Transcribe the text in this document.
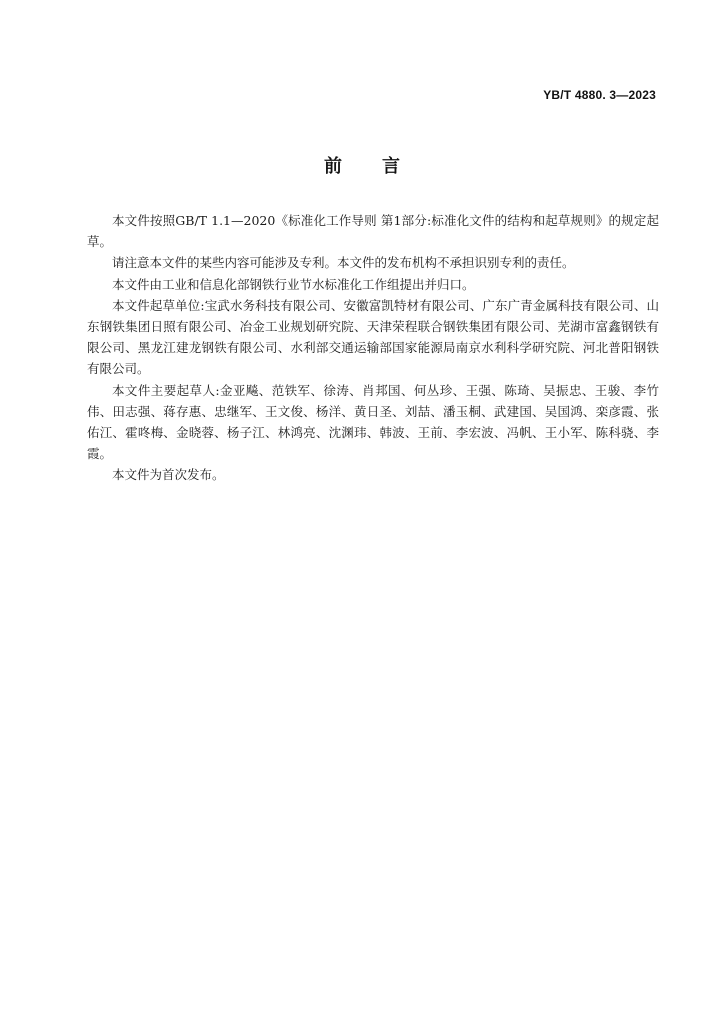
YB/T 4880. 3—2023
前言

本文件按照GB/T 1.1—2020《标准化工作导则 第1部分:标准化文件的结构和起草规则》的规定起草。

请注意本文件的某些内容可能涉及专利。本文件的发布机构不承担识别专利的责任。

本文件由工业和信息化部钢铁行业节水标准化工作组提出并归口。

本文件起草单位:宝武水务科技有限公司、安徽富凯特材有限公司、广东广青金属科技有限公司、山东钢铁集团日照有限公司、冶金工业规划研究院、天津荣程联合钢铁集团有限公司、芜湖市富鑫钢铁有限公司、黑龙江建龙钢铁有限公司、水利部交通运输部国家能源局南京水利科学研究院、河北普阳钢铁有限公司。

本文件主要起草人:金亚飚、范铁军、徐涛、肖邦国、何丛珍、王强、陈琦、吴振忠、王骏、李竹伟、田志强、蒋存惠、忠继军、王文俊、杨洋、黄日圣、刘喆、潘玉桐、武建国、吴国鸿、栾彦霞、张佑江、霍咚梅、金晓蓉、杨子江、林鸿亮、沈渊玮、韩波、王前、李宏波、冯帆、王小军、陈科骁、李霞。

本文件为首次发布。
